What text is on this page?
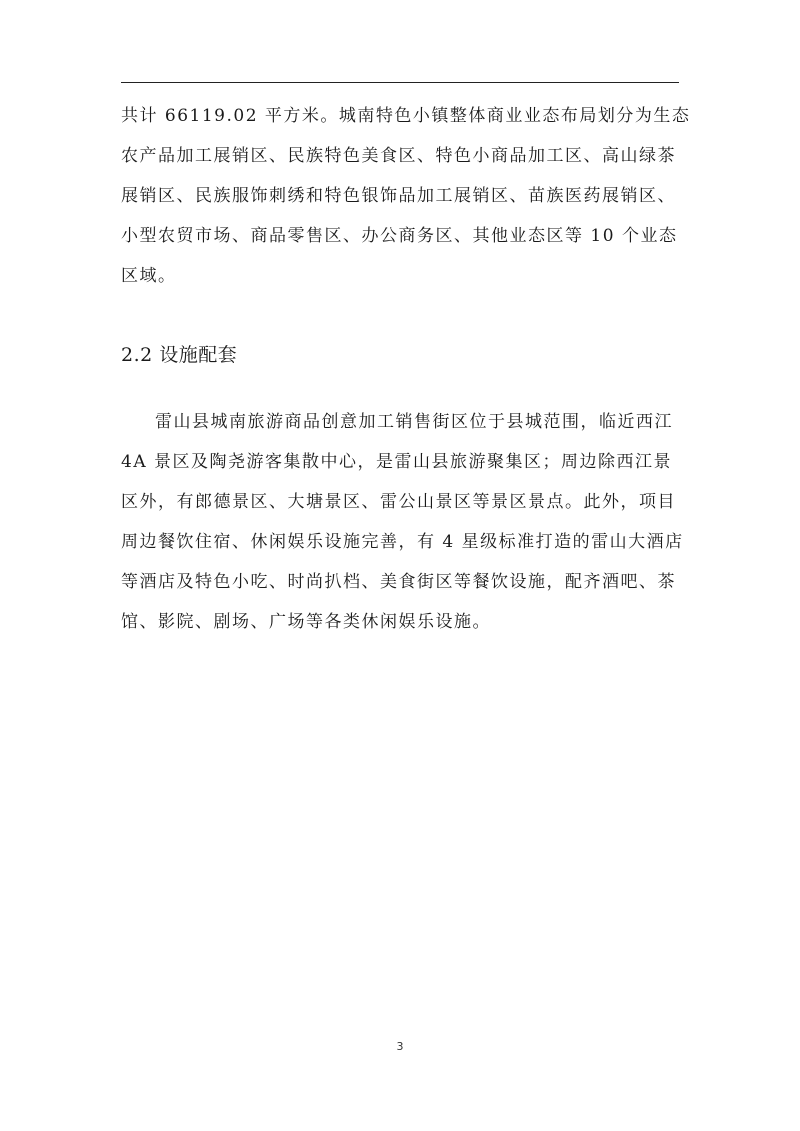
共计 66119.02 平方米。城南特色小镇整体商业业态布局划分为生态
农产品加工展销区、民族特色美食区、特色小商品加工区、高山绿茶
展销区、民族服饰刺绣和特色银饰品加工展销区、苗族医药展销区、
小型农贸市场、商品零售区、办公商务区、其他业态区等 10 个业态
区域。
2.2 设施配套
雷山县城南旅游商品创意加工销售街区位于县城范围，临近西江
4A 景区及陶尧游客集散中心，是雷山县旅游聚集区；周边除西江景
区外，有郎德景区、大塘景区、雷公山景区等景区景点。此外，项目
周边餐饮住宿、休闲娱乐设施完善，有 4 星级标准打造的雷山大酒店
等酒店及特色小吃、时尚扒档、美食街区等餐饮设施，配齐酒吧、茶
馆、影院、剧场、广场等各类休闲娱乐设施。
3
